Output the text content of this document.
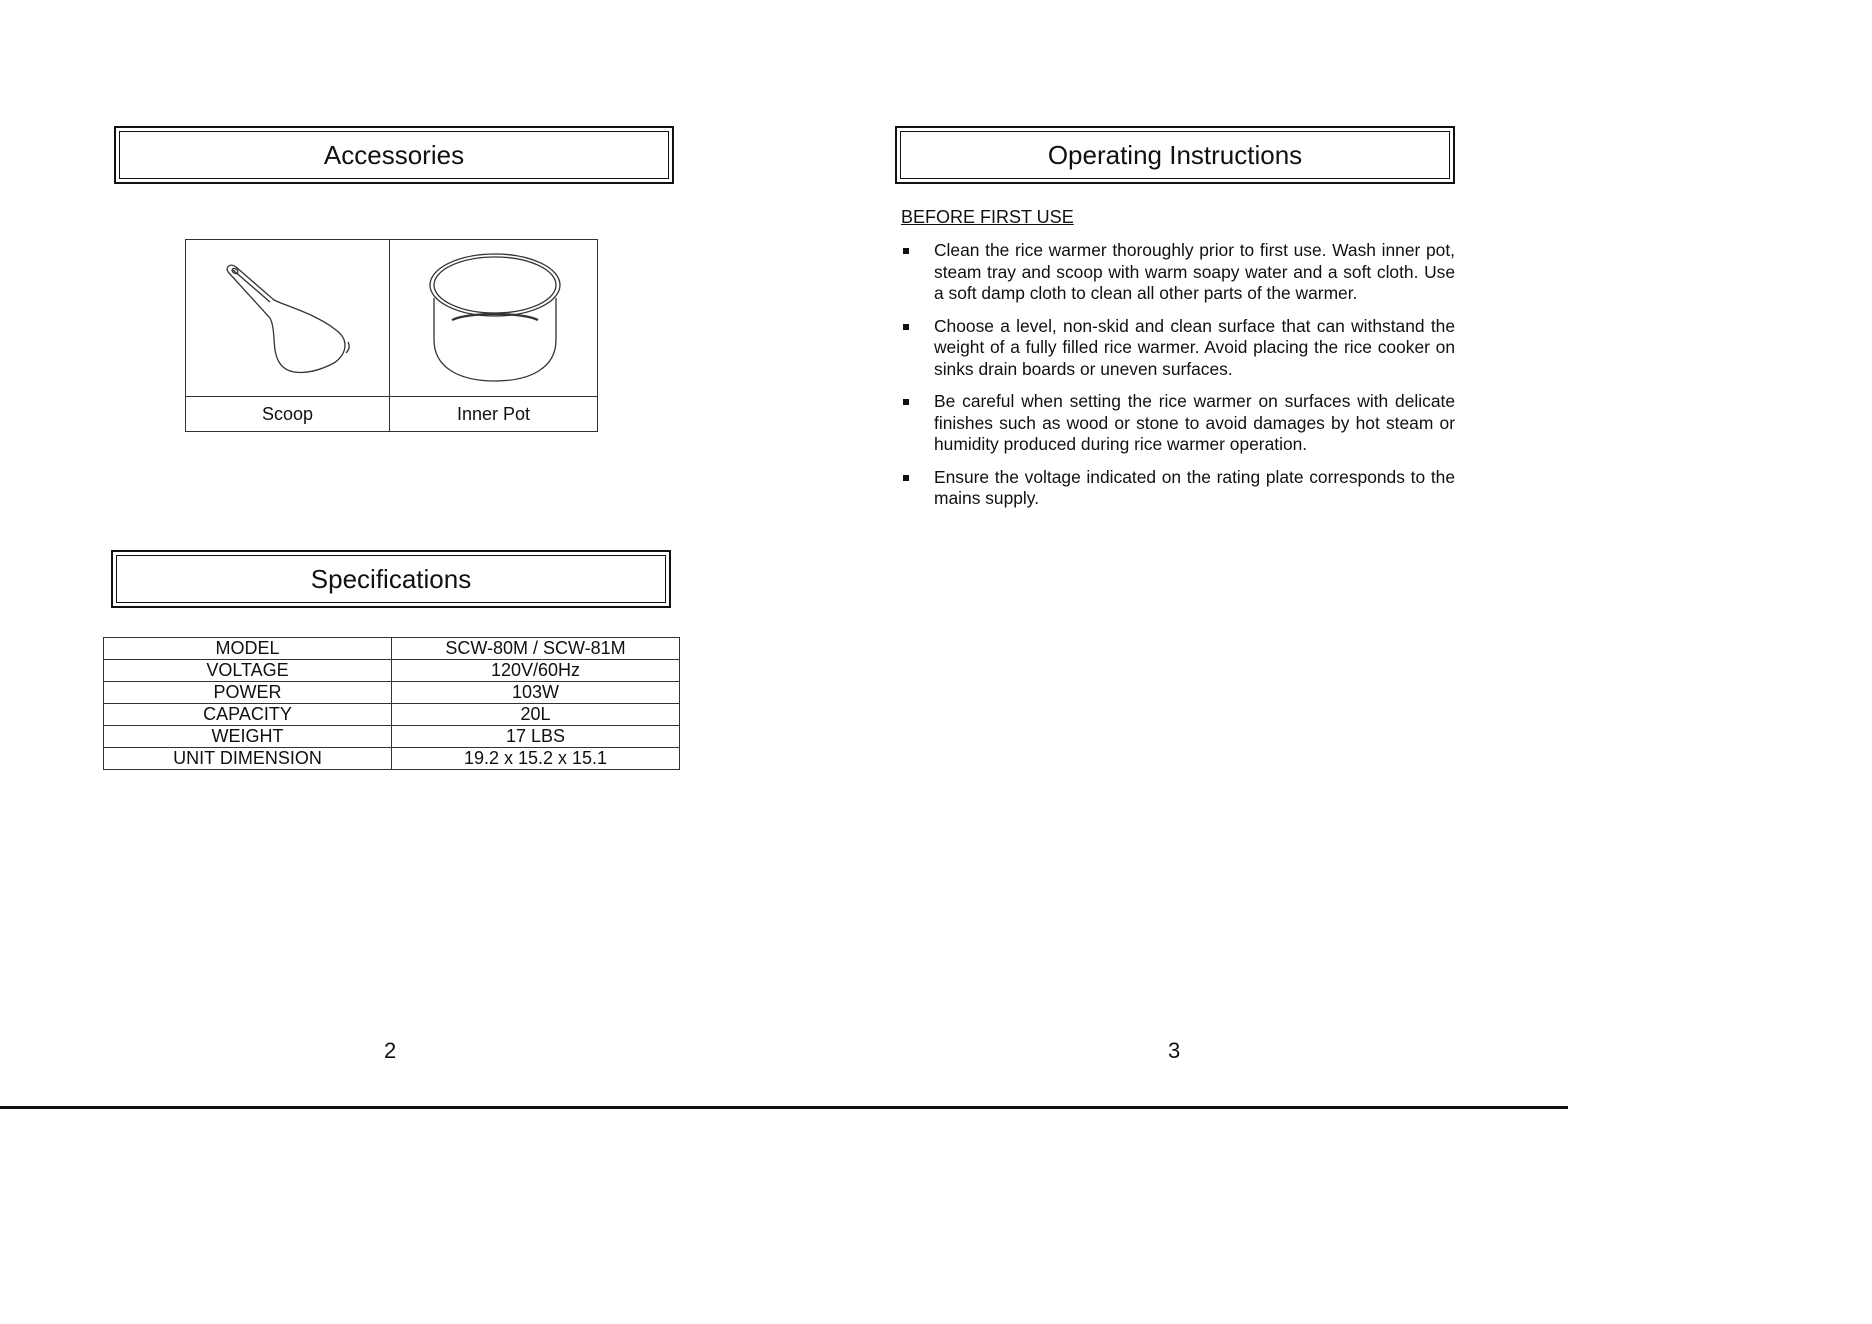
Accessories
Scoop	Inner Pot
Specifications
MODEL	SCW-80M / SCW-81M
VOLTAGE	120V/60Hz
POWER	103W
CAPACITY	20L
WEIGHT	17 LBS
UNIT DIMENSION	19.2 x 15.2 x 15.1
2
Operating Instructions
BEFORE FIRST USE
Clean the rice warmer thoroughly prior to first use. Wash inner pot, steam tray and scoop with warm soapy water and a soft cloth. Use a soft damp cloth to clean all other parts of the warmer.
Choose a level, non-skid and clean surface that can withstand the weight of a fully filled rice warmer. Avoid placing the rice cooker on sinks drain boards or uneven surfaces.
Be careful when setting the rice warmer on surfaces with delicate finishes such as wood or stone to avoid damages by hot steam or humidity produced during rice warmer operation.
Ensure the voltage indicated on the rating plate corresponds to the mains supply.
3
